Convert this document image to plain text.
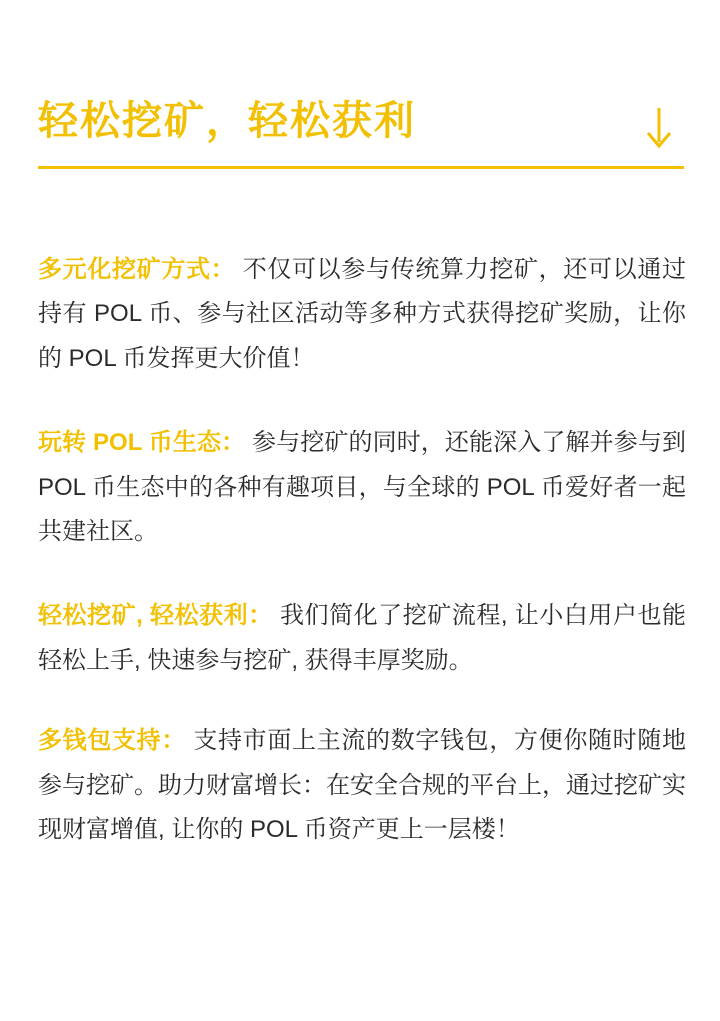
轻松挖矿，轻松获利

多元化挖矿方式： 不仅可以参与传统算力挖矿，还可以通过持有 POL 币、参与社区活动等多种方式获得挖矿奖励，让你的 POL 币发挥更大价值！

玩转 POL 币生态： 参与挖矿的同时，还能深入了解并参与到 POL 币生态中的各种有趣项目，与全球的 POL 币爱好者一起共建社区。

轻松挖矿, 轻松获利： 我们简化了挖矿流程, 让小白用户也能轻松上手, 快速参与挖矿, 获得丰厚奖励。

多钱包支持： 支持市面上主流的数字钱包，方便你随时随地参与挖矿。助力财富增长：在安全合规的平台上，通过挖矿实现财富增值, 让你的 POL 币资产更上一层楼！
